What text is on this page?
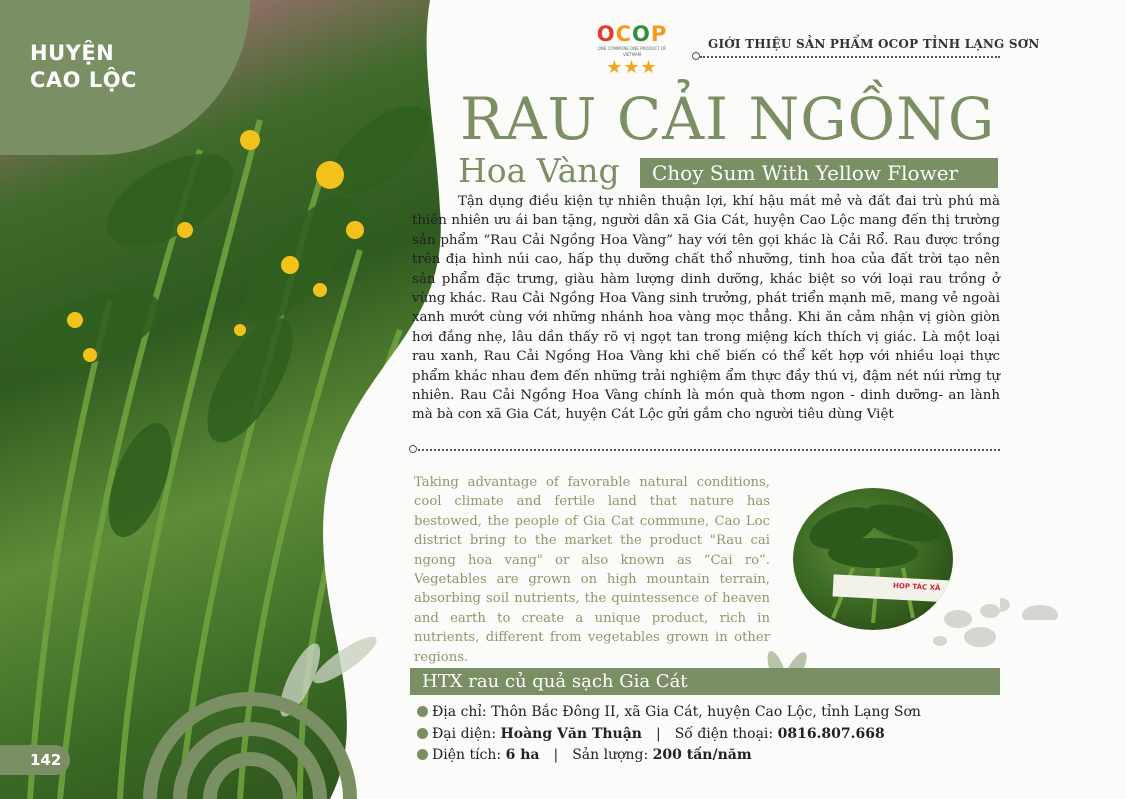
HUYỆN
CAO LỘC
142
OCOP
ONE COMMUNE ONE PRODUCT OF VIETNAM
★★★
GIỚI THIỆU SẢN PHẨM OCOP TỈNH LẠNG SƠN
RAU CẢI NGỒNG
Hoa Vàng	Choy Sum With Yellow Flower
Tận dụng điều kiện tự nhiên thuận lợi, khí hậu mát mẻ và đất đai trù phú mà thiên nhiên ưu ái ban tặng, người dân xã Gia Cát, huyện Cao Lộc mang đến thị trường sản phẩm “Rau Cải Ngồng Hoa Vàng” hay với tên gọi khác là Cải Rổ. Rau được trồng trên địa hình núi cao, hấp thụ dưỡng chất thổ nhưỡng, tinh hoa của đất trời tạo nên sản phẩm đặc trưng, giàu hàm lượng dinh dưỡng, khác biệt so với loại rau trồng ở vùng khác. Rau Cải Ngồng Hoa Vàng sinh trưởng, phát triển mạnh mẽ, mang vẻ ngoài xanh mướt cùng với những nhánh hoa vàng mọc thẳng. Khi ăn cảm nhận vị giòn giòn hơi đắng nhẹ, lâu dần thấy rõ vị ngọt tan trong miệng kích thích vị giác. Là một loại rau xanh, Rau Cải Ngồng Hoa Vàng khi chế biến có thể kết hợp với nhiều loại thực phẩm khác nhau đem đến những trải nghiệm ẩm thực đầy thú vị, đậm nét núi rừng tự nhiên. Rau Cải Ngồng Hoa Vàng chính là món quà thơm ngon - dinh dưỡng- an lành mà bà con xã Gia Cát, huyện Cát Lộc gửi gắm cho người tiêu dùng Việt
Taking advantage of favorable natural conditions, cool climate and fertile land that nature has bestowed, the people of Gia Cat commune, Cao Loc district bring to the market the product "Rau cai ngong hoa vang" or also known as “Cai ro”. Vegetables are grown on high mountain terrain, absorbing soil nutrients, the quintessence of heaven and earth to create a unique product, rich in nutrients, different from vegetables grown in other regions.
HOP TÁC XÃ
HTX rau củ quả sạch Gia Cát
Địa chỉ: Thôn Bắc Đông II, xã Gia Cát, huyện Cao Lộc, tỉnh Lạng Sơn
Đại diện: Hoàng Văn Thuận | Số điện thoại: 0816.807.668
Diện tích: 6 ha | Sản lượng: 200 tấn/năm
